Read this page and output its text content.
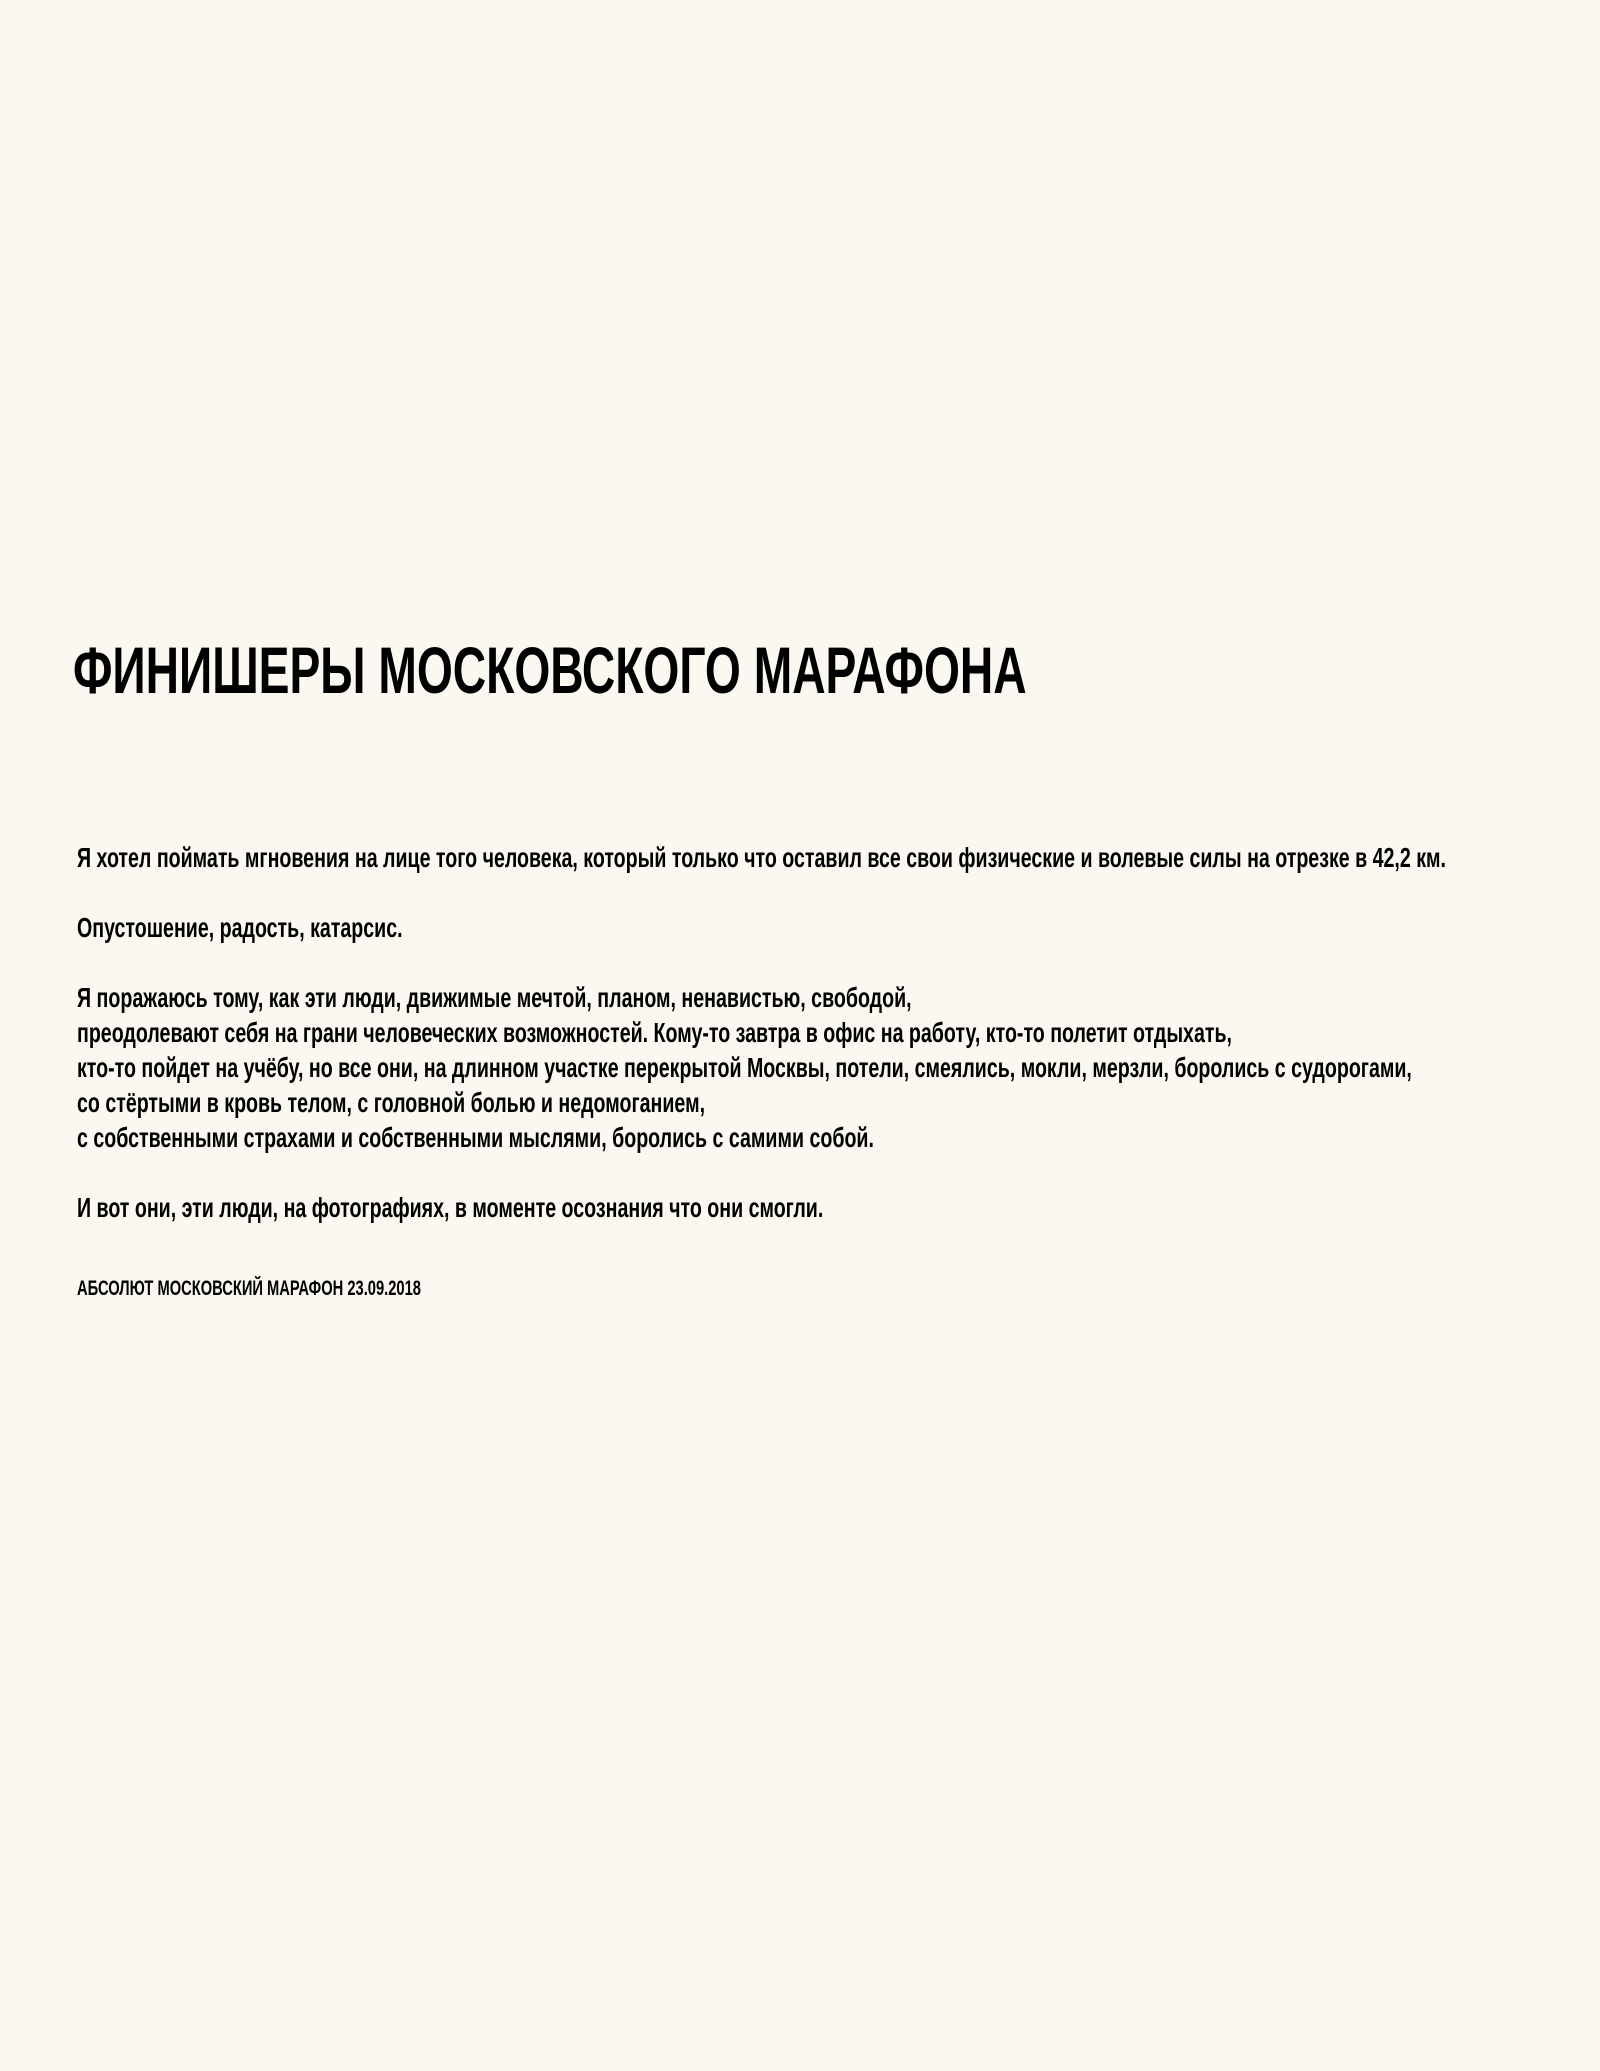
ФИНИШЕРЫ МОСКОВСКОГО МАРАФОНА

Я хотел поймать мгновения на лице того человека, который только что оставил все свои физические и волевые силы на отрезке в 42,2 км.

Опустошение, радость, катарсис.

Я поражаюсь тому, как эти люди, движимые мечтой, планом, ненавистью, свободой,
преодолевают себя на грани человеческих возможностей. Кому-то завтра в офис на работу, кто-то полетит отдыхать,
кто-то пойдет на учёбу, но все они, на длинном участке перекрытой Москвы, потели, смеялись, мокли, мерзли, боролись с судорогами,
со стёртыми в кровь телом, с головной болью и недомоганием,
с собственными страхами и собственными мыслями, боролись с самими собой.

И вот они, эти люди, на фотографиях, в моменте осознания что они смогли.

АБСОЛЮТ МОСКОВСКИЙ МАРАФОН 23.09.2018
